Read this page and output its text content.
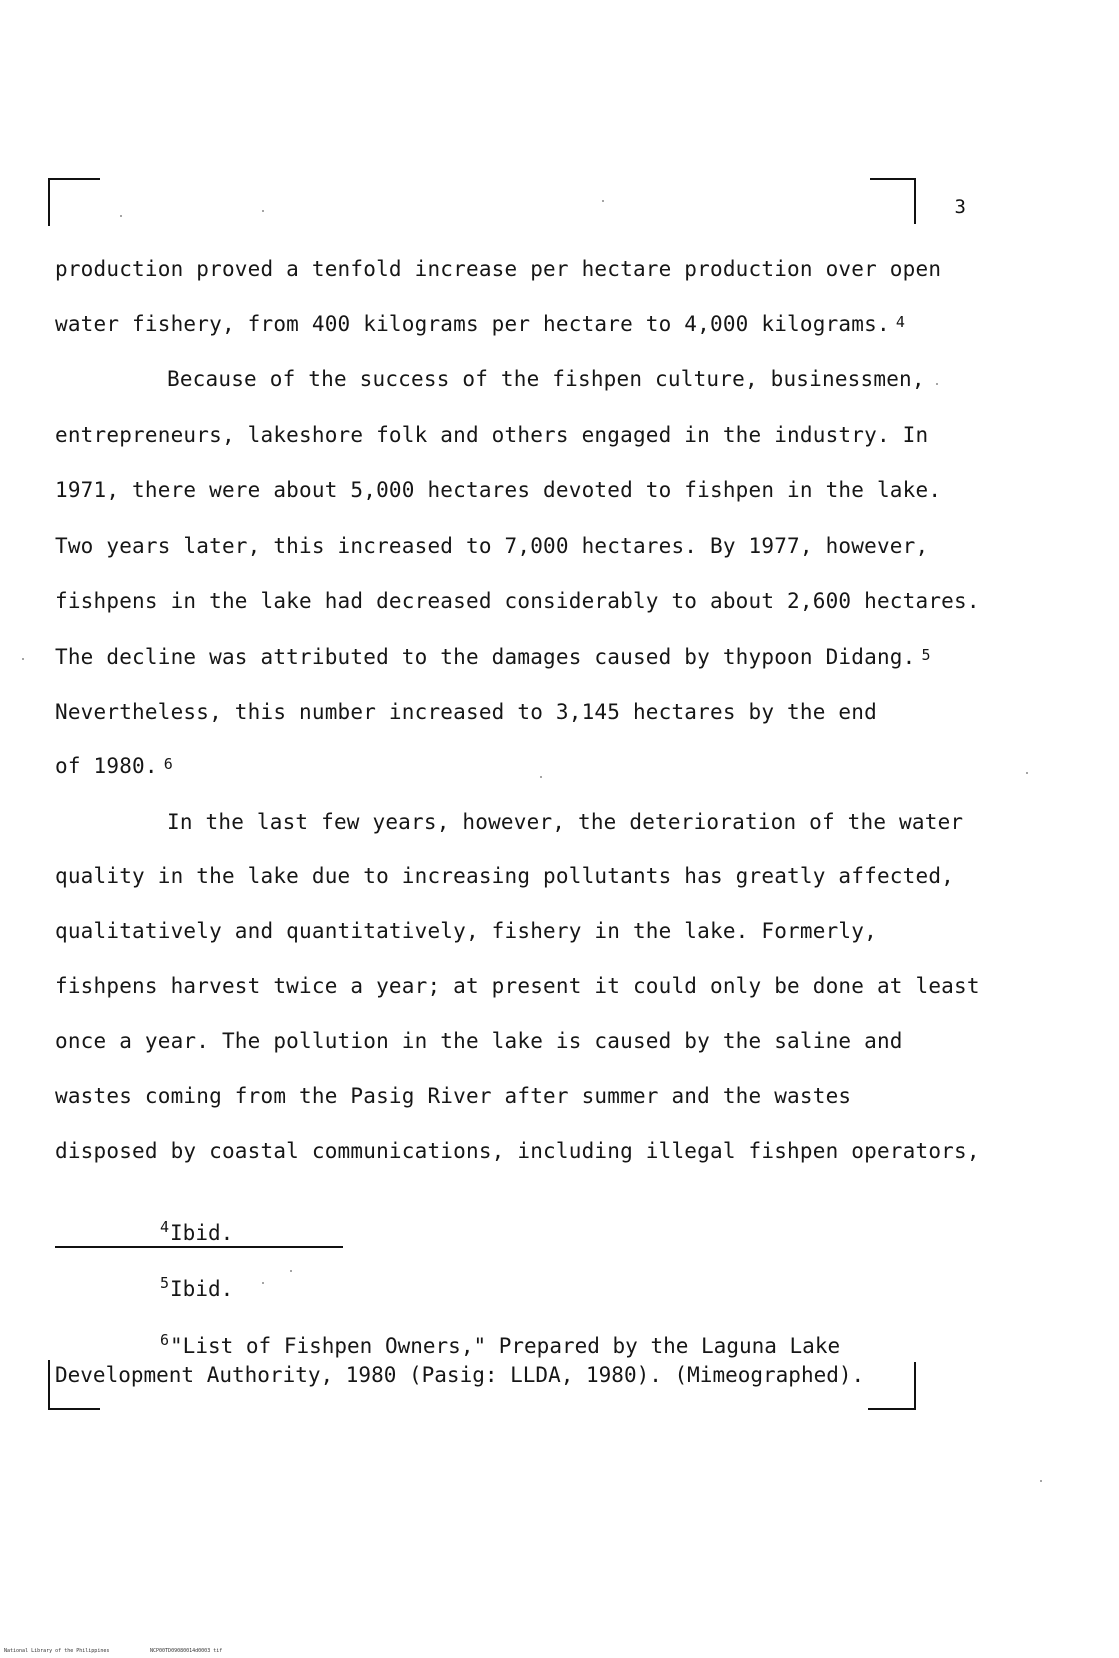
3
production proved a tenfold increase per hectare production over open
water fishery, from 400 kilograms per hectare to 4,000 kilograms. $^4$
Because of the success of the fishpen culture, businessmen,
entrepreneurs, lakeshore folk and others engaged in the industry. In
1971, there were about 5,000 hectares devoted to fishpen in the lake.
Two years later, this increased to 7,000 hectares. By 1977, however,
fishpens in the lake had decreased considerably to about 2,600 hectares.
The decline was attributed to the damages caused by thypoon Didang. $^5$
Nevertheless, this number increased to 3,145 hectares by the end
of 1980. $^6$
In the last few years, however, the deterioration of the water
quality in the lake due to increasing pollutants has greatly affected,
qualitatively and quantitatively, fishery in the lake. Formerly,
fishpens harvest twice a year; at present it could only be done at least
once a year. The pollution in the lake is caused by the saline and
wastes coming from the Pasig River after summer and the wastes
disposed by coastal communications, including illegal fishpen operators,
$^4$Ibid.
$^5$Ibid.
$^6$"List of Fishpen Owners," Prepared by the Laguna Lake
Development Authority, 1980 (Pasig: LLDA, 1980). (Mimeographed).
National Library of the Philippines	NCP00TD09080014d0003 tif
